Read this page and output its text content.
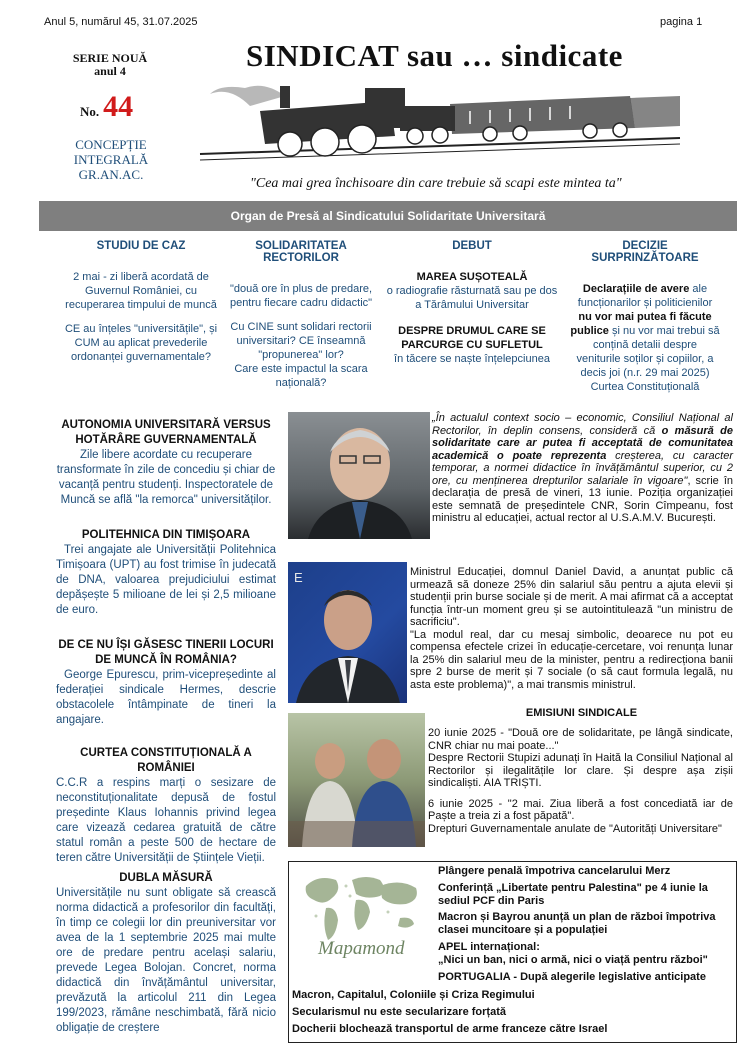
Anul 5, numărul 45, 31.07.2025	pagina 1
SINDICAT sau … sindicate
SERIE NOUĂ
anul 4
No. 44
CONCEPȚIE
INTEGRALĂ
GR.AN.AC.
"Cea mai grea închisoare din care trebuie să scapi este mintea ta"
Organ de Presă al Sindicatului Solidaritate Universitară
STUDIU DE CAZ
2 mai - zi liberă acordată de Guvernul României, cu recuperarea timpului de muncă
CE au înțeles "universitățile", și CUM au aplicat prevederile ordonanței guvernamentale?
SOLIDARITATEA RECTORILOR
"două ore în plus de predare, pentru fiecare cadru didactic"
Cu CINE sunt solidari rectorii universitari? CE înseamnă "propunerea" lor?
Care este impactul la scara națională?
DEBUT
MAREA SUȘOTEALĂ
o radiografie răsturnată sau pe dos a Tărâmului Universitar
DESPRE DRUMUL CARE SE PARCURGE CU SUFLETUL
în tăcere se naște înțelepciunea
DECIZIE SURPRINZĂTOARE
Declarațiile de avere ale funcționarilor și politicienilor nu vor mai putea fi făcute publice și nu vor mai trebui să conțină detalii despre veniturile soților și copiilor, a decis joi (n.r. 29 mai 2025) Curtea Constituțională
AUTONOMIA UNIVERSITARĂ VERSUS HOTĂRÂRE GUVERNAMENTALĂ
Zile libere acordate cu recuperare transformate în zile de concediu și chiar de vacanță pentru studenți. Inspectoratele de Muncă se află "la remorca" universităților.
POLITEHNICA DIN TIMIȘOARA
Trei angajate ale Universității Politehnica Timișoara (UPT) au fost trimise în judecată de DNA, valoarea prejudiciului estimat depășește 5 milioane de lei și 2,5 milioane de euro.
DE CE NU ÎȘI GĂSESC TINERII LOCURI DE MUNCĂ ÎN ROMÂNIA?
George Epurescu, prim-vicepreședinte al federației sindicale Hermes, descrie obstacolele întâmpinate de tineri la angajare.
CURTEA CONSTITUȚIONALĂ A ROMÂNIEI
C.C.R a respins marți o sesizare de neconstituționalitate depusă de fostul președinte Klaus Iohannis privind legea care vizează cedarea gratuită de către statul român a peste 500 de hectare de teren către Universității de Științele Vieții.
DUBLA MĂSURĂ
Universitățile nu sunt obligate să crească norma didactică a profesorilor din facultăți, în timp ce colegii lor din preuniversitar vor avea de la 1 septembrie 2025 mai multe ore de predare pentru același salariu, prevede Legea Bolojan. Concret, norma didactică din învățământul universitar, prevăzută la articolul 211 din Legea 199/2023, rămâne neschimbată, fără nicio obligație de creștere
„În actualul context socio – economic, Consiliul Național al Rectorilor, în deplin consens, consideră că o măsură de solidaritate care ar putea fi acceptată de comunitatea academică o poate reprezenta creșterea, cu caracter temporar, a normei didactice în învățământul superior, cu 2 ore, cu menținerea drepturilor salariale în vigoare", scrie în declarația de presă de vineri, 13 iunie. Poziția organizației este semnată de președintele CNR, Sorin Cîmpeanu, fost ministru al educației, actual rector al U.S.A.M.V. București.
E	Ministrul Educației, domnul Daniel David, a anunțat public că urmează să doneze 25% din salariul său pentru a ajuta elevii și studenții prin burse sociale și de merit. A mai afirmat că a acceptat funcția într-un moment greu și se autointitulează "un ministru de sacrificiu".
"La modul real, dar cu mesaj simbolic, deoarece nu pot eu compensa efectele crizei în educație-cercetare, voi renunța lunar la 25% din salariul meu de la minister, pentru a redirecționa banii spre 2 burse de merit și 7 sociale (o să caut formula legală, nu asta este problema)", a mai transmis ministrul.
EMISIUNI SINDICALE
20 iunie 2025 - "Două ore de solidaritate, pe lângă sindicate, CNR chiar nu mai poate..."
Despre Rectorii Stupizi adunați în Haită la Consiliul Național al Rectorilor și ilegalitățile lor clare. Și despre așa zișii sindicaliști. AIA TRIȘTI.
6 iunie 2025 - "2 mai. Ziua liberă a fost concediată iar de Paște a treia zi a fost păpată".
Drepturi Guvernamentale anulate de "Autorități Universitare"
Mapamond
Plângere penală împotriva cancelarului Merz
Conferință „Libertate pentru Palestina" pe 4 iunie la sediul PCF din Paris
Macron și Bayrou anunță un plan de război împotriva clasei muncitoare și a populației
APEL internațional:
„Nici un ban, nici o armă, nici o viață pentru război"
PORTUGALIA - După alegerile legislative anticipate
Macron, Capitalul, Coloniile și Criza Regimului
Secularismul nu este secularizare forțată
Docherii blochează transportul de arme franceze către Israel
